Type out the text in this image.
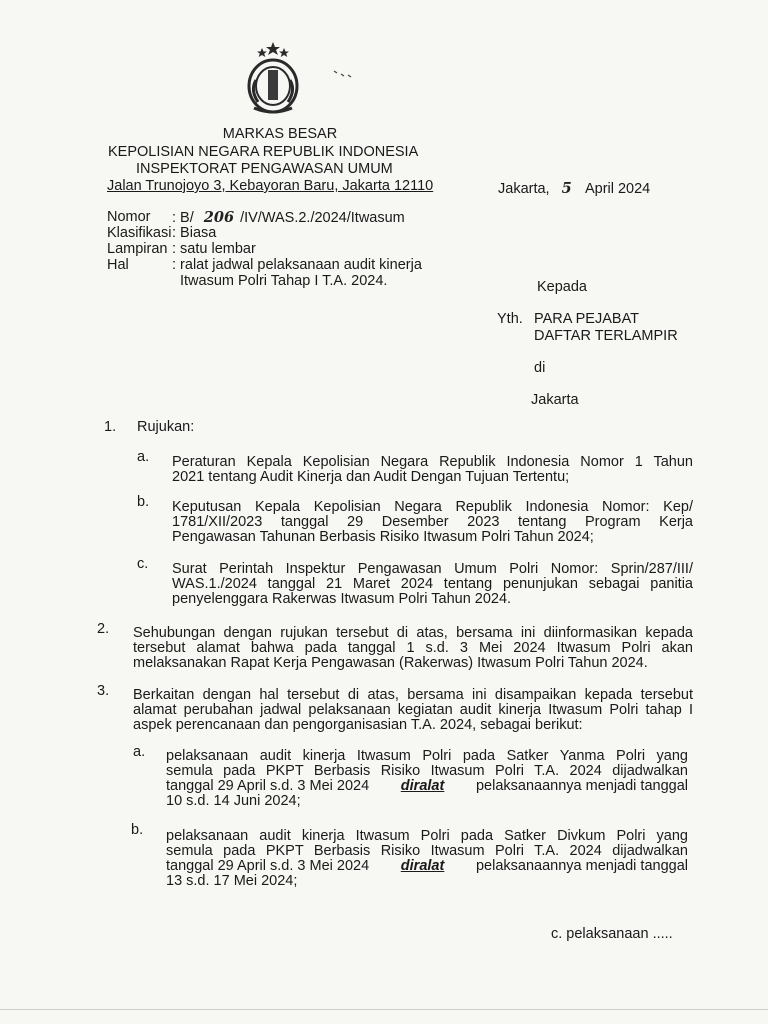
MARKAS BESAR
KEPOLISIAN NEGARA REPUBLIK INDONESIA
INSPEKTORAT PENGAWASAN UMUM
Jalan Trunojoyo 3, Kebayoran Baru, Jakarta 12110	Jakarta, 5 April 2024
Nomor : B/ 206 /IV/WAS.2./2024/Itwasum
Klasifikasi : Biasa
Lampiran : satu lembar
Hal	: ralat jadwal pelaksanaan audit kinerja
Itwasum Polri Tahap I T.A. 2024.	Kepada
Yth. PARA PEJABAT
DAFTAR TERLAMPIR
di
Jakarta
1. Rujukan:
a. Peraturan Kepala Kepolisian Negara Republik Indonesia Nomor 1 Tahun
2021 tentang Audit Kinerja dan Audit Dengan Tujuan Tertentu;
b. Keputusan Kepala Kepolisian Negara Republik Indonesia Nomor: Kep/
1781/XII/2023 tanggal 29 Desember 2023 tentang Program Kerja
Pengawasan Tahunan Berbasis Risiko Itwasum Polri Tahun 2024;
c. Surat Perintah Inspektur Pengawasan Umum Polri Nomor: Sprin/287/III/
WAS.1./2024 tanggal 21 Maret 2024 tentang penunjukan sebagai panitia
penyelenggara Rakerwas Itwasum Polri Tahun 2024.
2. Sehubungan dengan rujukan tersebut di atas, bersama ini diinformasikan kepada
tersebut alamat bahwa pada tanggal 1 s.d. 3 Mei 2024 Itwasum Polri akan
melaksanakan Rapat Kerja Pengawasan (Rakerwas) Itwasum Polri Tahun 2024.
3. Berkaitan dengan hal tersebut di atas, bersama ini disampaikan kepada tersebut
alamat perubahan jadwal pelaksanaan kegiatan audit kinerja Itwasum Polri tahap I
aspek perencanaan dan pengorganisasian T.A. 2024, sebagai berikut:
a. pelaksanaan audit kinerja Itwasum Polri pada Satker Yanma Polri yang
semula pada PKPT Berbasis Risiko Itwasum Polri T.A. 2024 dijadwalkan
tanggal 29 April s.d. 3 Mei 2024 diralat pelaksanaannya menjadi tanggal
10 s.d. 14 Juni 2024;
b. pelaksanaan audit kinerja Itwasum Polri pada Satker Divkum Polri yang
semula pada PKPT Berbasis Risiko Itwasum Polri T.A. 2024 dijadwalkan
tanggal 29 April s.d. 3 Mei 2024 diralat pelaksanaannya menjadi tanggal
13 s.d. 17 Mei 2024;
c. pelaksanaan .....
